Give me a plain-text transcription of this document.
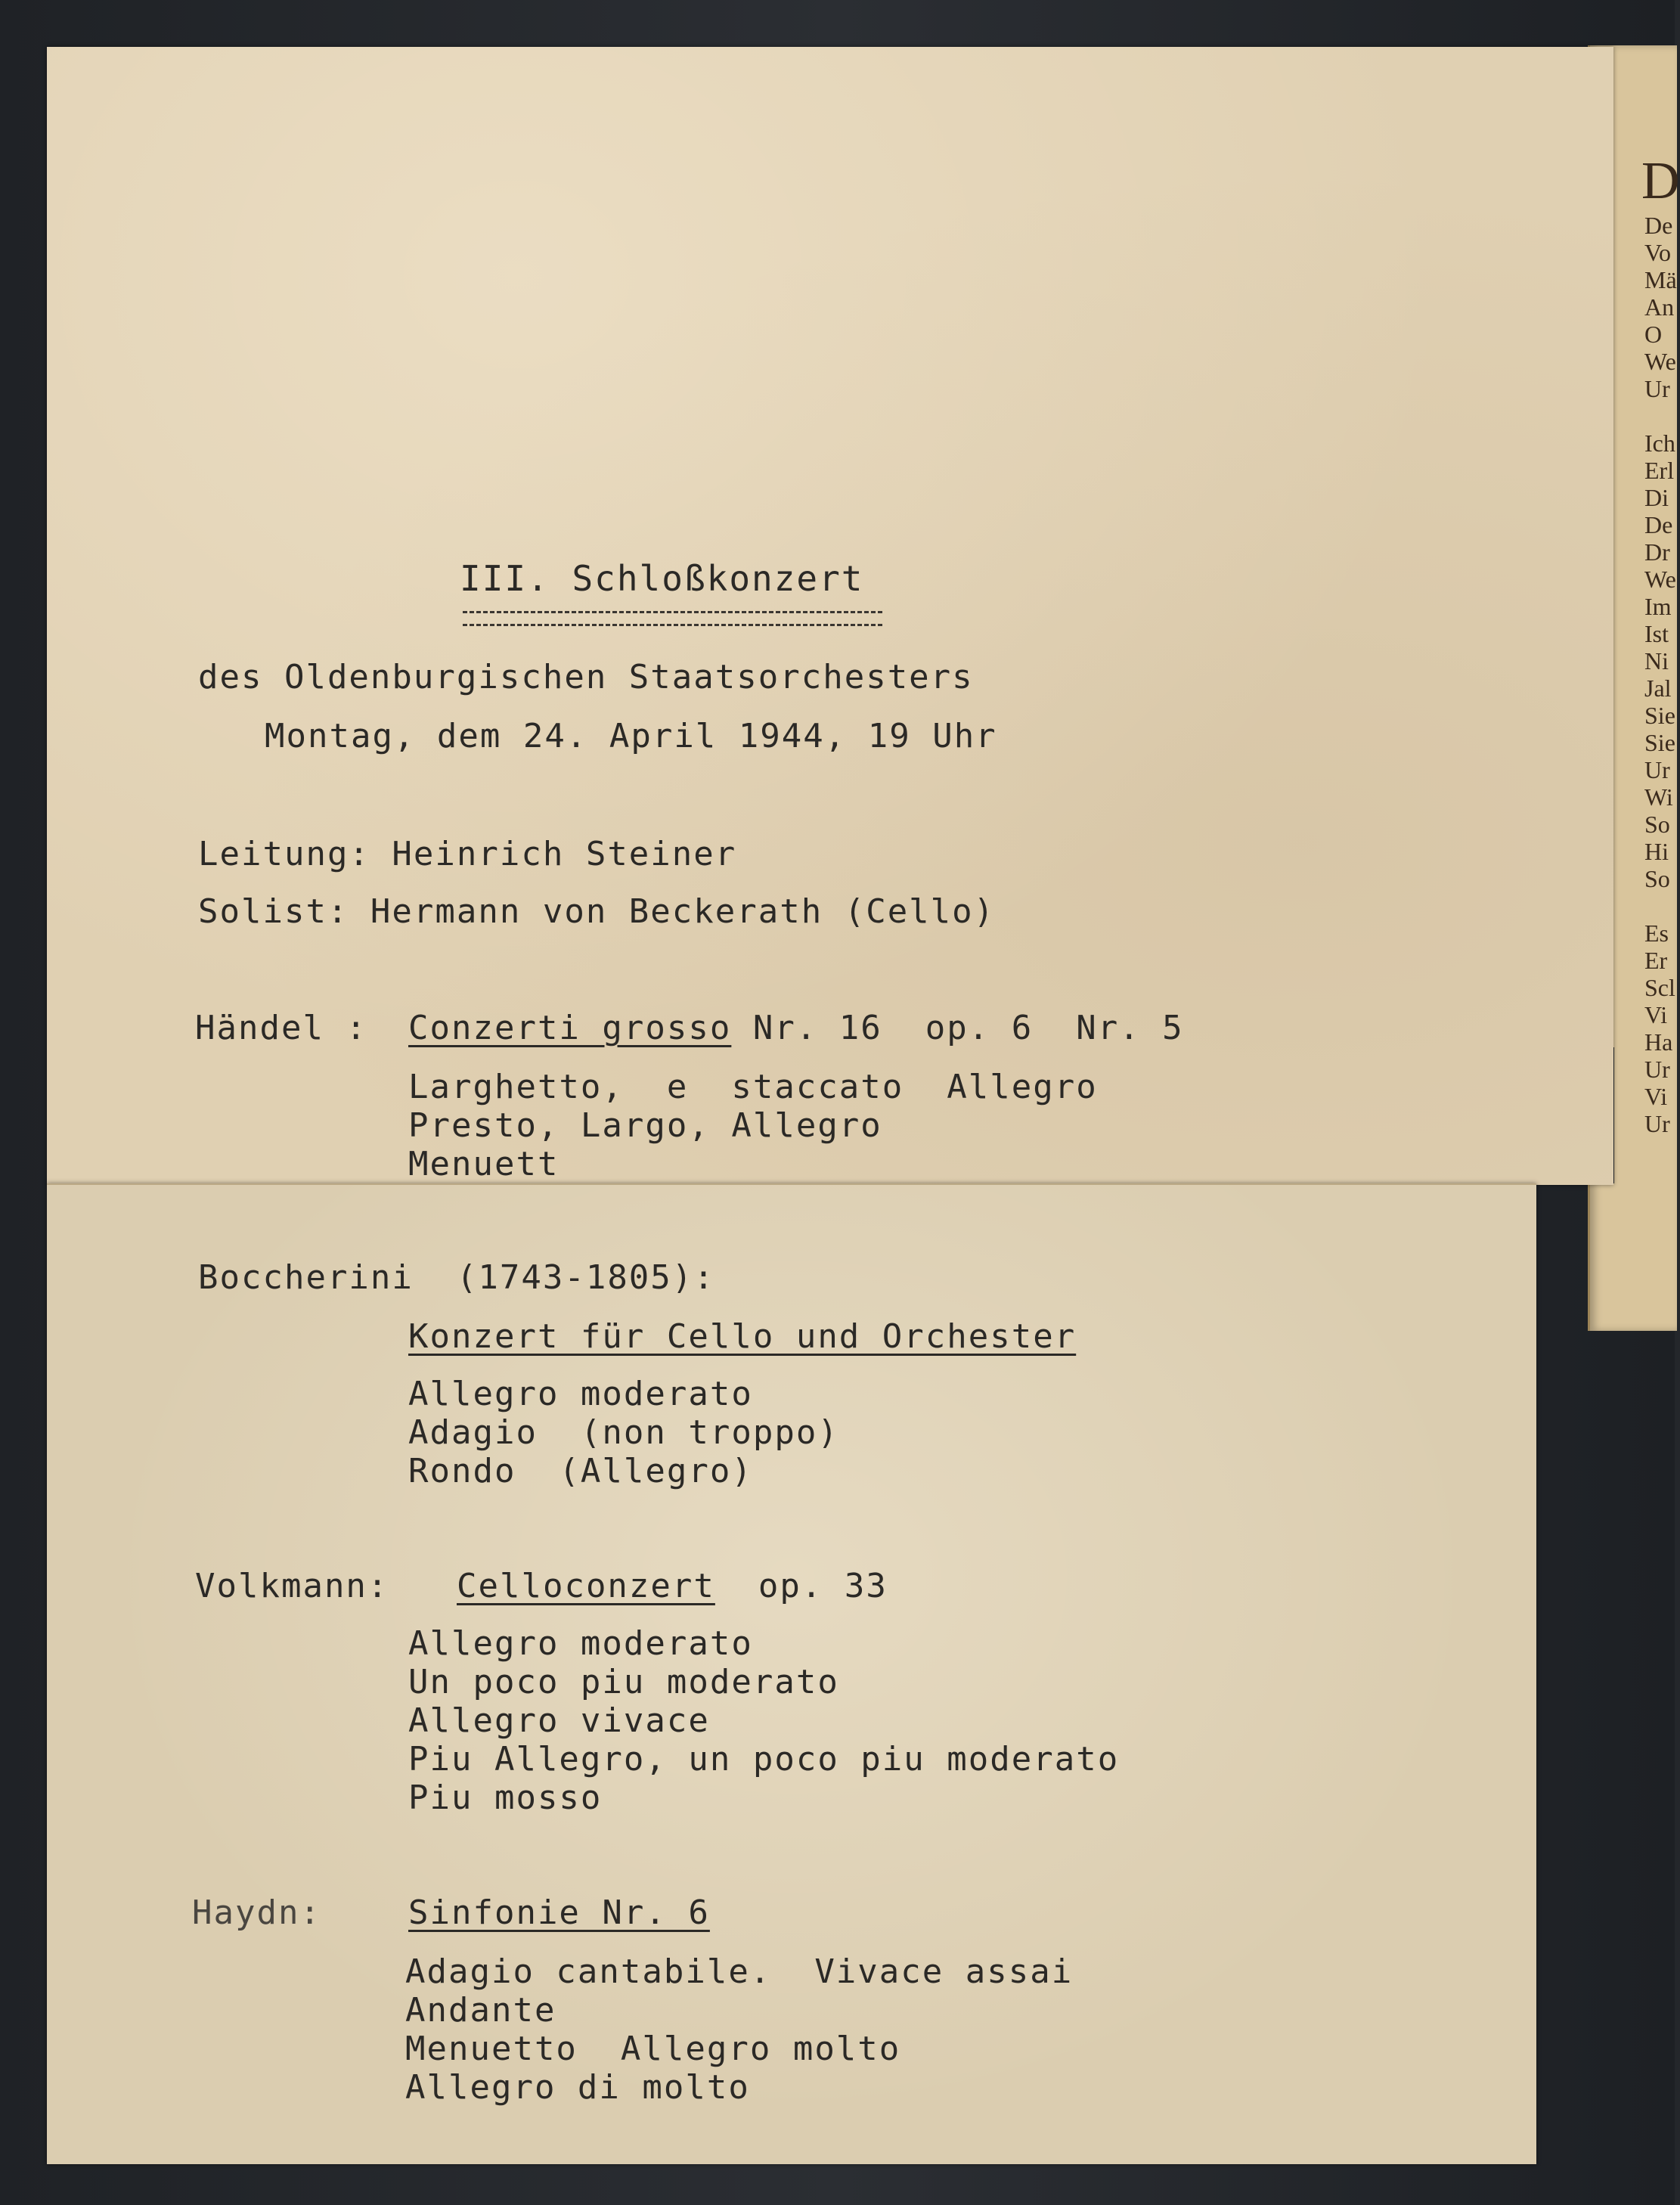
D
De
Vo
Mä
An
O
We
Ur
Ich
Erl
Di
De
Dr
We
Im
Ist
Ni
Jal
Sie
Sie
Ur
Wi
So
Hi
So
Es
Er
Scl
Vi
Ha
Ur
Vi
Ur
III. Schloßkonzert
des Oldenburgischen Staatsorchesters
Montag, dem 24. April 1944, 19 Uhr
Leitung: Heinrich Steiner
Solist: Hermann von Beckerath (Cello)
Händel : Conzerti grosso Nr. 16  op. 6  Nr. 5
Larghetto,  e  staccato  Allegro
Presto, Largo, Allegro
Menuett
Boccherini  (1743-1805):
Konzert für Cello und Orchester
Allegro moderato
Adagio  (non troppo)
Rondo  (Allegro)
Volkmann: Celloconzert  op. 33
Allegro moderato
Un poco piu moderato
Allegro vivace
Piu Allegro, un poco piu moderato
Piu mosso
Haydn:	Sinfonie Nr. 6
Adagio cantabile.  Vivace assai
Andante
Menuetto  Allegro molto
Allegro di molto
